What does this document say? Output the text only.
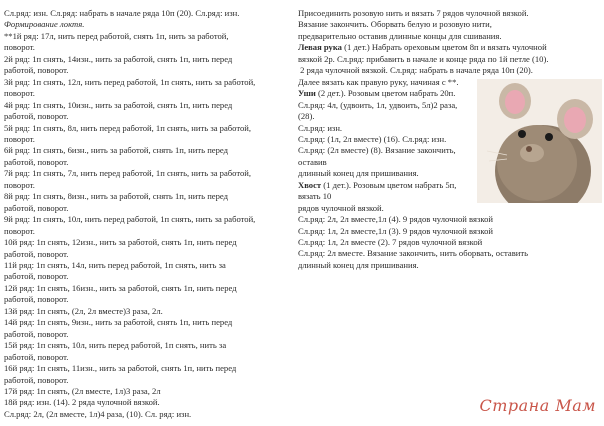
Сл.ряд: изн. Сл.ряд: набрать в начале ряда 10п (20). Сл.ряд: изн.
Формирование локтя.
**1й ряд: 17л, нить перед работой, снять 1п, нить за работой,
поворот.
2й ряд: 1п снять, 14изн., нить за работой, снять 1п, нить перед
работой, поворот.
3й ряд: 1п снять, 12л, нить перед работой, 1п снять, нить за работой,
поворот.
4й ряд: 1п снять, 10изн., нить за работой, снять 1п, нить перед
работой, поворот.
5й ряд: 1п снять, 8л, нить перед работой, 1п снять, нить за работой,
поворот.
6й ряд: 1п снять, 6изн., нить за работой, снять 1п, нить перед
работой, поворот.
7й ряд: 1п снять, 7л, нить перед работой, 1п снять, нить за работой,
поворот.
8й ряд: 1п снять, 8изн., нить за работой, снять 1п, нить перед
работой, поворот.
9й ряд: 1п снять, 10л, нить перед работой, 1п снять, нить за работой,
поворот.
10й ряд: 1п снять, 12изн., нить за работой, снять 1п, нить перед
работой, поворот.
11й ряд: 1п снять, 14л, нить перед работой, 1п снять, нить за
работой, поворот.
12й ряд: 1п снять, 16изн., нить за работой, снять 1п, нить перед
работой, поворот.
13й ряд: 1п снять, (2л, 2л вместе)3 раза, 2л.
14й ряд: 1п снять, 9изн., нить за работой, снять 1п, нить перед
работой, поворот.
15й ряд: 1п снять, 10л, нить перед работой, 1п снять, нить за
работой, поворот.
16й ряд: 1п снять, 11изн., нить за работой, снять 1п, нить перед
работой, поворот.
17й ряд: 1п снять, (2л вместе, 1л)3 раза, 2л
18й ряд: изн. (14). 2 ряда чулочной вязкой.
Сл.ряд: 2л, (2л вместе, 1л)4 раза, (10). Сл. ряд: изн.
Присоединить розовую нить и вязать 7 рядов чулочной вязкой.
Вязание закончить. Оборвать белую и розовую нити,
предварительно оставив длинные концы для сшивания.
Левая рука (1 дет.) Набрать ореховым цветом 8п и вязать чулочной
вязкой 2р. Сл.ряд: прибавить в начале и конце ряда по 1й петле (10).
2 ряда чулочной вязкой. Сл.ряд: набрать в начале ряда 10п (20).
Далее вязать как правую руку, начиная с **.
Уши (2 дет.). Розовым цветом набрать 20п.
Сл.ряд: 4л, (удвоить, 1л, удвоить, 5л)2 раза,
(28).
Сл.ряд: изн.
Сл.ряд: (1л, 2л вместе) (16). Сл.ряд: изн.
Сл.ряд: (2л вместе) (8). Вязание закончить,
оставив
длинный конец для пришивания.
Хвост (1 дет.). Розовым цветом набрать 5п,
вязать 10
рядов чулочной вязкой.
Сл.ряд: 2л, 2л вместе,1л (4). 9 рядов чулочной вязкой
Сл.ряд: 1л, 2л вместе,1л (3). 9 рядов чулочной вязкой
Сл.ряд: 1л, 2л вместе (2). 7 рядов чулочной вязкой
Сл.ряд: 2л вместе. Вязание закончить, нить оборвать, оставить
длинный конец для пришивания.
Страна Мам
